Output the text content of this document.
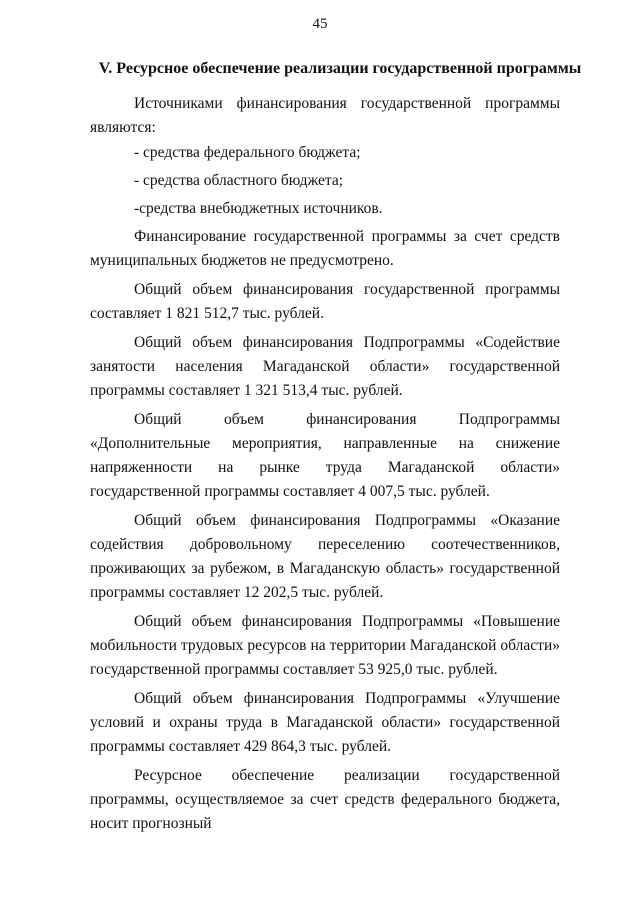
45
V. Ресурсное обеспечение реализации государственной программы

Источниками финансирования государственной программы являются:

- средства федерального бюджета;

- средства областного бюджета;

-средства внебюджетных источников.

Финансирование государственной программы за счет средств муниципальных бюджетов не предусмотрено.

Общий объем финансирования государственной программы составляет 1 821 512,7 тыс. рублей.

Общий объем финансирования Подпрограммы «Содействие занятости населения Магаданской области» государственной программы составляет 1 321 513,4 тыс. рублей.

Общий объем финансирования Подпрограммы «Дополнительные мероприятия, направленные на снижение напряженности на рынке труда Магаданской области» государственной программы составляет 4 007,5 тыс. рублей.

Общий объем финансирования Подпрограммы «Оказание содействия добровольному переселению соотечественников, проживающих за рубежом, в Магаданскую область» государственной программы составляет 12 202,5 тыс. рублей.

Общий объем финансирования Подпрограммы «Повышение мобильности трудовых ресурсов на территории Магаданской области» государственной программы составляет 53 925,0 тыс. рублей.

Общий объем финансирования Подпрограммы «Улучшение условий и охраны труда в Магаданской области» государственной программы составляет 429 864,3 тыс. рублей.

Ресурсное обеспечение реализации государственной программы, осуществляемое за счет средств федерального бюджета, носит прогнозный
